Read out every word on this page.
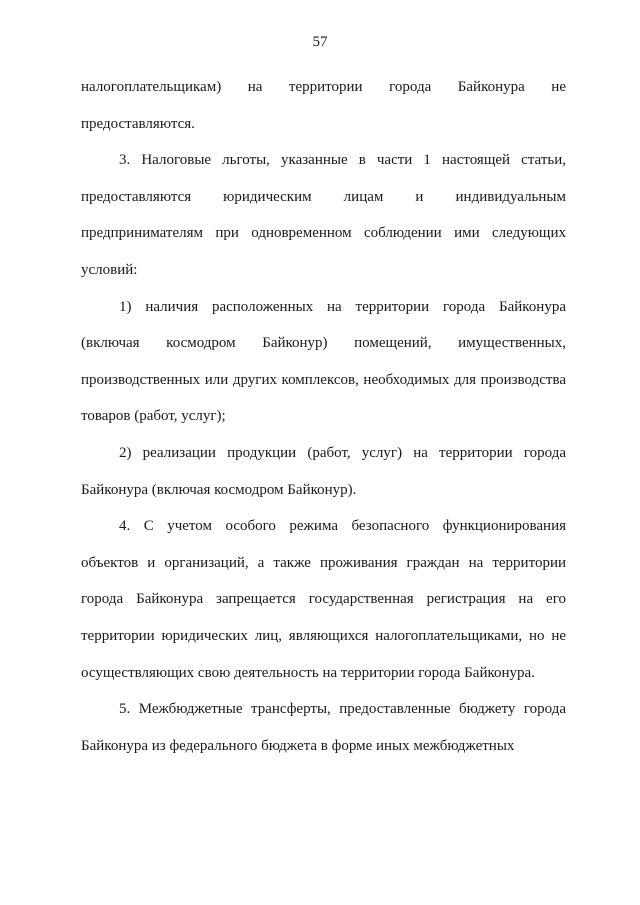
57
налогоплательщикам) на территории города Байконура не
предоставляются.
3. Налоговые льготы, указанные в части 1 настоящей статьи,
предоставляются юридическим лицам и индивидуальным
предпринимателям при одновременном соблюдении ими следующих
условий:
1) наличия расположенных на территории города Байконура
(включая космодром Байконур) помещений, имущественных,
производственных или других комплексов, необходимых для производства
товаров (работ, услуг);
2) реализации продукции (работ, услуг) на территории города
Байконура (включая космодром Байконур).
4. С учетом особого режима безопасного функционирования
объектов и организаций, а также проживания граждан на территории
города Байконура запрещается государственная регистрация на его
территории юридических лиц, являющихся налогоплательщиками, но не
осуществляющих свою деятельность на территории города Байконура.
5. Межбюджетные трансферты, предоставленные бюджету города
Байконура из федерального бюджета в форме иных межбюджетных
